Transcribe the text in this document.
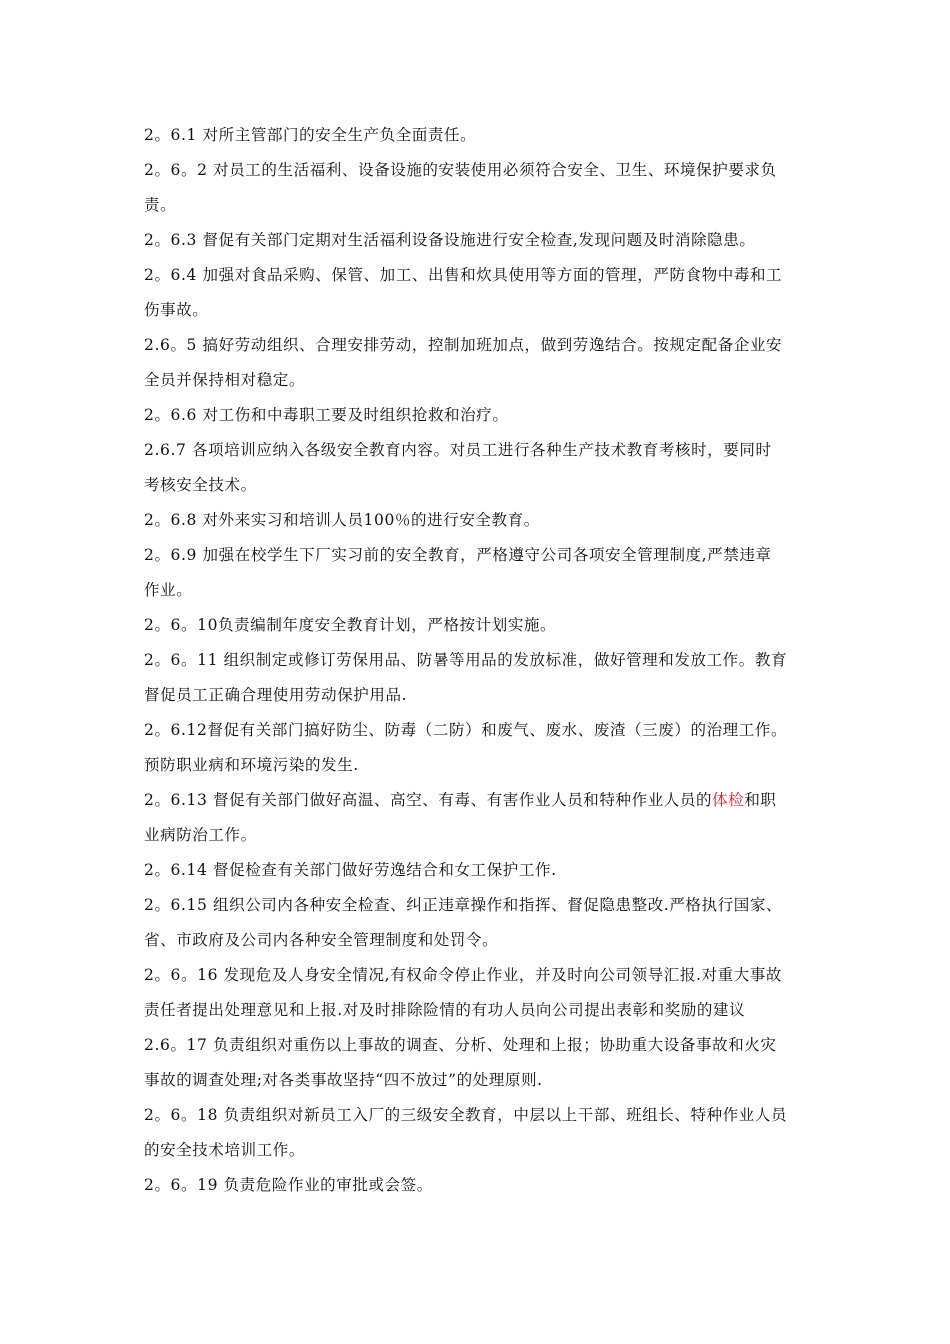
2。6.1 对所主管部门的安全生产负全面责任。
2。6。2 对员工的生活福利、设备设施的安装使用必须符合安全、卫生、环境保护要求负
责。
2。6.3 督促有关部门定期对生活福利设备设施进行安全检查,发现问题及时消除隐患。
2。6.4 加强对食品采购、保管、加工、出售和炊具使用等方面的管理，严防食物中毒和工
伤事故。
2.6。5 搞好劳动组织、合理安排劳动，控制加班加点，做到劳逸结合。按规定配备企业安
全员并保持相对稳定。
2。6.6 对工伤和中毒职工要及时组织抢救和治疗。
2.6.7 各项培训应纳入各级安全教育内容。对员工进行各种生产技术教育考核时，要同时
考核安全技术。
2。6.8 对外来实习和培训人员100％的进行安全教育。
2。6.9 加强在校学生下厂实习前的安全教育，严格遵守公司各项安全管理制度,严禁违章
作业。
2。6。10负责编制年度安全教育计划，严格按计划实施。
2。6。11 组织制定或修订劳保用品、防暑等用品的发放标准，做好管理和发放工作。教育
督促员工正确合理使用劳动保护用品.
2。6.12督促有关部门搞好防尘、防毒（二防）和废气、废水、废渣（三废）的治理工作。
预防职业病和环境污染的发生.
2。6.13 督促有关部门做好高温、高空、有毒、有害作业人员和特种作业人员的体检和职
业病防治工作。
2。6.14 督促检查有关部门做好劳逸结合和女工保护工作.
2。6.15 组织公司内各种安全检查、纠正违章操作和指挥、督促隐患整改.严格执行国家、
省、市政府及公司内各种安全管理制度和处罚令。
2。6。16 发现危及人身安全情况,有权命令停止作业，并及时向公司领导汇报.对重大事故
责任者提出处理意见和上报.对及时排除险情的有功人员向公司提出表彰和奖励的建议
2.6。17 负责组织对重伤以上事故的调查、分析、处理和上报；协助重大设备事故和火灾
事故的调查处理;对各类事故坚持“四不放过”的处理原则.
2。6。18 负责组织对新员工入厂的三级安全教育，中层以上干部、班组长、特种作业人员
的安全技术培训工作。
2。6。19 负责危险作业的审批或会签。
